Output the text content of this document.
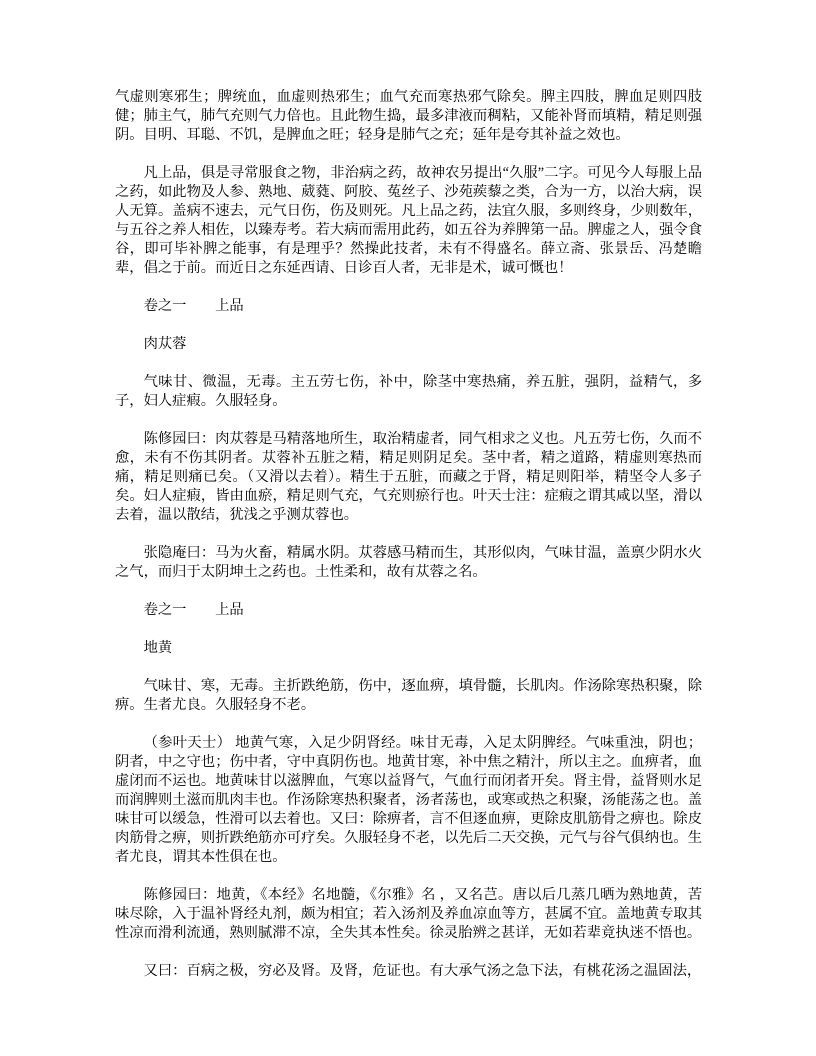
气虚则寒邪生；脾统血，血虚则热邪生；血气充而寒热邪气除矣。脾主四肢，脾血足则四肢健；肺主气，肺气充则气力倍也。且此物生捣，最多津液而稠粘，又能补肾而填精，精足则强阴。目明、耳聪、不饥，是脾血之旺；轻身是肺气之充；延年是夸其补益之效也。

凡上品，俱是寻常服食之物，非治病之药，故神农另提出“久服”二字。可见今人每服上品之药，如此物及人参、熟地、葳蕤、阿胶、菟丝子、沙苑蒺藜之类，合为一方，以治大病，误人无算。盖病不速去，元气日伤，伤及则死。凡上品之药，法宜久服，多则终身，少则数年，与五谷之养人相佐，以臻寿考。若大病而需用此药，如五谷为养脾第一品。脾虚之人，强令食谷，即可毕补脾之能事，有是理乎？然操此技者，未有不得盛名。薛立斋、张景岳、冯楚瞻辈，倡之于前。而近日之东延西请、日诊百人者，无非是术，诚可慨也！

卷之一　　上品

肉苁蓉

气味甘、微温，无毒。主五劳七伤，补中，除茎中寒热痛，养五脏，强阴，益精气，多子，妇人症瘕。久服轻身。

陈修园曰：肉苁蓉是马精落地所生，取治精虚者，同气相求之义也。凡五劳七伤，久而不愈，未有不伤其阴者。苁蓉补五脏之精，精足则阴足矣。茎中者，精之道路，精虚则寒热而痛，精足则痛已矣。（又滑以去着）。精生于五脏，而藏之于肾，精足则阳举，精坚令人多子矣。妇人症瘕，皆由血瘀，精足则气充，气充则瘀行也。叶天士注：症瘕之谓其咸以坚，滑以去着，温以散结，犹浅之乎测苁蓉也。

张隐庵曰：马为火畜，精属水阴。苁蓉感马精而生，其形似肉，气味甘温，盖禀少阴水火之气，而归于太阴坤土之药也。土性柔和，故有苁蓉之名。

卷之一　　上品

地黄

气味甘、寒，无毒。主折跌绝筋，伤中，逐血痹，填骨髓，长肌肉。作汤除寒热积聚，除痹。生者尤良。久服轻身不老。

（参叶天士） 地黄气寒，入足少阴肾经。味甘无毒，入足太阴脾经。气味重浊，阴也；阴者，中之守也；伤中者，守中真阴伤也。地黄甘寒，补中焦之精汁，所以主之。血痹者，血虚闭而不运也。地黄味甘以滋脾血，气寒以益肾气，气血行而闭者开矣。肾主骨，益肾则水足而润脾则土滋而肌肉丰也。作汤除寒热积聚者，汤者荡也，或寒或热之积聚，汤能荡之也。盖味甘可以缓急，性滑可以去着也。又曰：除痹者，言不但逐血痹，更除皮肌筋骨之痹也。除皮肉筋骨之痹，则折跌绝筋亦可疗矣。久服轻身不老，以先后二天交换，元气与谷气俱纳也。生者尤良，谓其本性俱在也。

陈修园曰：地黄，《本经》名地髓，《尔雅》名 ，又名芑。唐以后几蒸几晒为熟地黄，苦味尽除，入于温补肾经丸剂，颇为相宜；若入汤剂及养血凉血等方，甚属不宜。盖地黄专取其性凉而滑利流通，熟则腻滞不凉，全失其本性矣。徐灵胎辨之甚详，无如若辈竟执迷不悟也。

又曰：百病之极，穷必及肾。及肾，危证也。有大承气汤之急下法，有桃花汤之温固法，
